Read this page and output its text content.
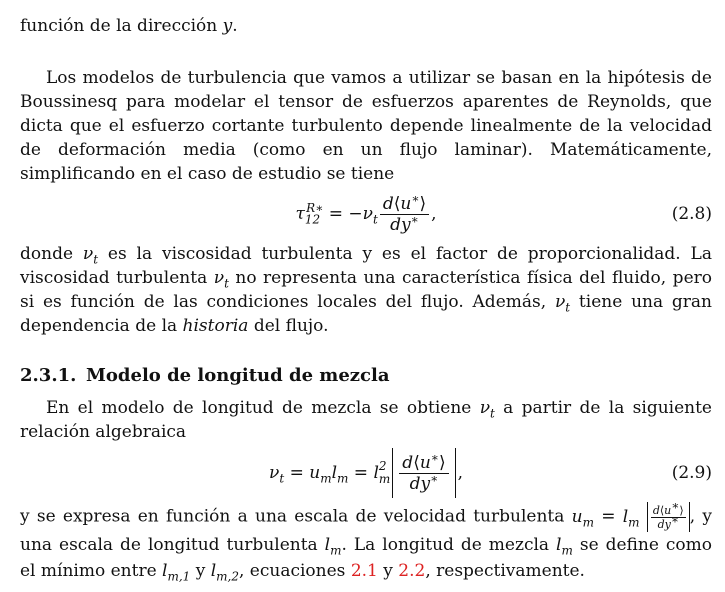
función de la dirección y.

Los modelos de turbulencia que vamos a utilizar se basan en la hipótesis de Boussinesq para modelar el tensor de esfuerzos aparentes de Reynolds, que dicta que el esfuerzo cortante turbulento depende linealmente de la velocidad de deformación media (como en un flujo laminar). Matemáticamente, simplificando en el caso de estudio se tiene

$\tau_{12}^{R∗}$ = − $\nu_t \frac{d⟨u^∗⟩}{dy^∗}$ ,	(2.8)

donde $\nu_t$ es la viscosidad turbulenta y es el factor de proporcionalidad. La viscosidad turbulenta $\nu_t$ no representa una característica física del fluido, pero si es función de las condiciones locales del flujo. Además, $\nu_t$ tiene una gran dependencia de la historia del flujo.

2.3.1. Modelo de longitud de mezcla

En el modelo de longitud de mezcla se obtiene $\nu_t$ a partir de la siguiente relación algebraica

$\nu_t = u_ml_m = l$ 2
m $\frac{d⟨u^∗⟩}{dy^∗}$ ,	(2.9)

y se expresa en función a una escala de velocidad turbulenta $u_m = l_m \frac{d⟨u^∗⟩}{dy^∗}$ , y una escala de longitud turbulenta $l_m$. La longitud de mezcla $l_m$ se define como el mínimo entre $l_{m,1}$ y $l_{m,2}$, ecuaciones 2.1 y 2.2, respectivamente.
